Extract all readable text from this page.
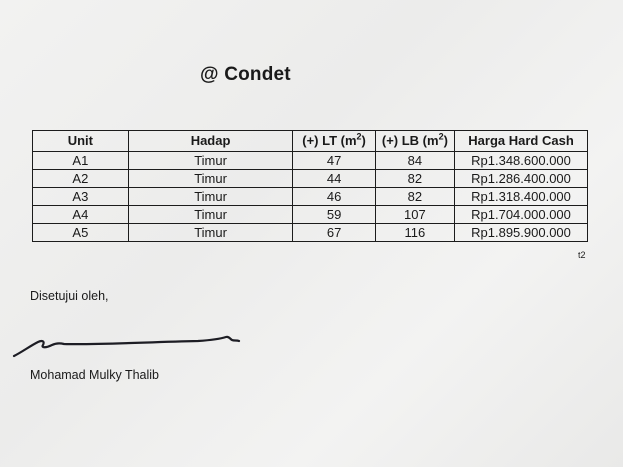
@ Condet
Unit	Hadap	(+) LT $(m^2)$	(+) LB $(m^2)$	Harga Hard Cash
A1	Timur	47	84	Rp1.348.600.000
A2	Timur	44	82	Rp1.286.400.000
A3	Timur	46	82	Rp1.318.400.000
A4	Timur	59	107	Rp1.704.000.000
A5	Timur	67	116	Rp1.895.900.000
t2
Disetujui oleh,
Mohamad Mulky Thalib
